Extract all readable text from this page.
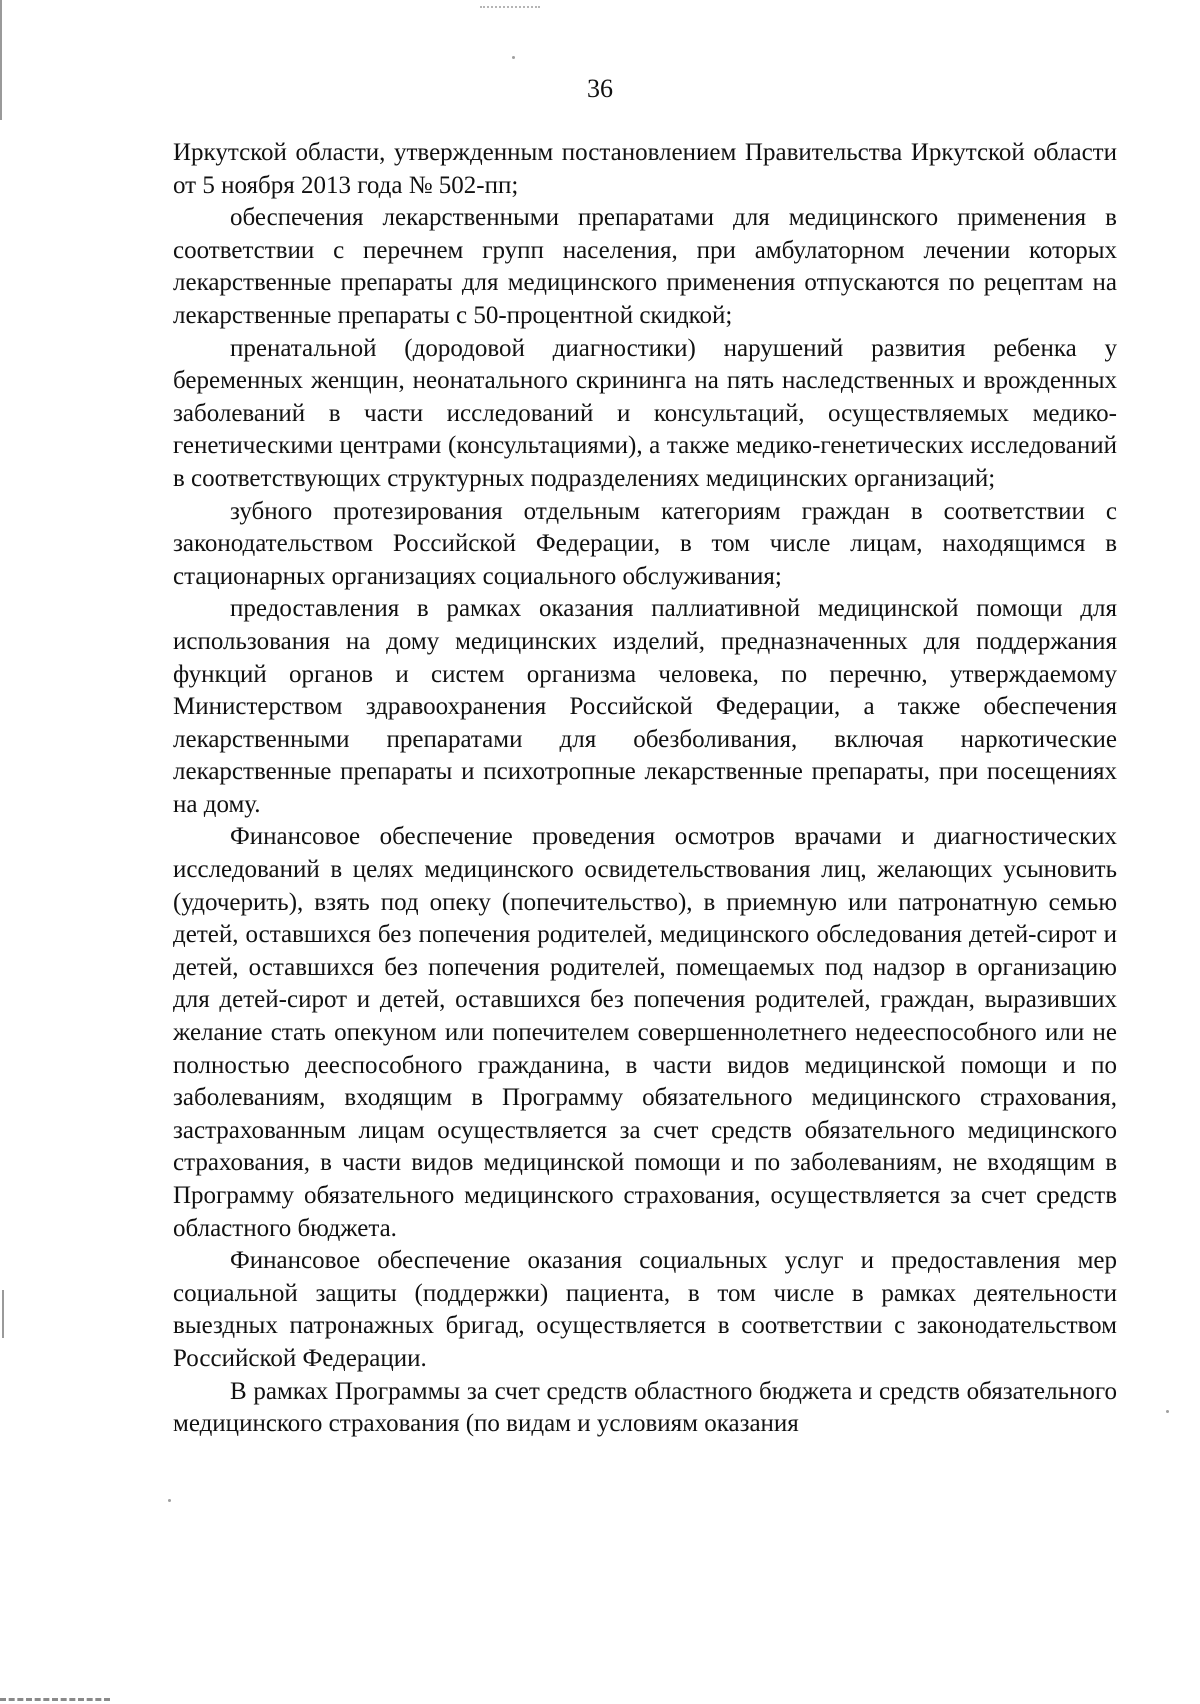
36

Иркутской области, утвержденным постановлением Правительства Иркутской области от 5 ноября 2013 года № 502-пп;

обеспечения лекарственными препаратами для медицинского применения в соответствии с перечнем групп населения, при амбулаторном лечении которых лекарственные препараты для медицинского применения отпускаются по рецептам на лекарственные препараты с 50-процентной скидкой;

пренатальной (дородовой диагностики) нарушений развития ребенка у беременных женщин, неонатального скрининга на пять наследственных и врожденных заболеваний в части исследований и консультаций, осуществляемых медико-генетическими центрами (консультациями), а также медико-генетических исследований в соответствующих структурных подразделениях медицинских организаций;

зубного протезирования отдельным категориям граждан в соответствии с законодательством Российской Федерации, в том числе лицам, находящимся в стационарных организациях социального обслуживания;

предоставления в рамках оказания паллиативной медицинской помощи для использования на дому медицинских изделий, предназначенных для поддержания функций органов и систем организма человека, по перечню, утверждаемому Министерством здравоохранения Российской Федерации, а также обеспечения лекарственными препаратами для обезболивания, включая наркотические лекарственные препараты и психотропные лекарственные препараты, при посещениях на дому.

Финансовое обеспечение проведения осмотров врачами и диагностических исследований в целях медицинского освидетельствования лиц, желающих усыновить (удочерить), взять под опеку (попечительство), в приемную или патронатную семью детей, оставшихся без попечения родителей, медицинского обследования детей-сирот и детей, оставшихся без попечения родителей, помещаемых под надзор в организацию для детей-сирот и детей, оставшихся без попечения родителей, граждан, выразивших желание стать опекуном или попечителем совершеннолетнего недееспособного или не полностью дееспособного гражданина, в части видов медицинской помощи и по заболеваниям, входящим в Программу обязательного медицинского страхования, застрахованным лицам осуществляется за счет средств обязательного медицинского страхования, в части видов медицинской помощи и по заболеваниям, не входящим в Программу обязательного медицинского страхования, осуществляется за счет средств областного бюджета.

Финансовое обеспечение оказания социальных услуг и предоставления мер социальной защиты (поддержки) пациента, в том числе в рамках деятельности выездных патронажных бригад, осуществляется в соответствии с законодательством Российской Федерации.

В рамках Программы за счет средств областного бюджета и средств обязательного медицинского страхования (по видам и условиям оказания
